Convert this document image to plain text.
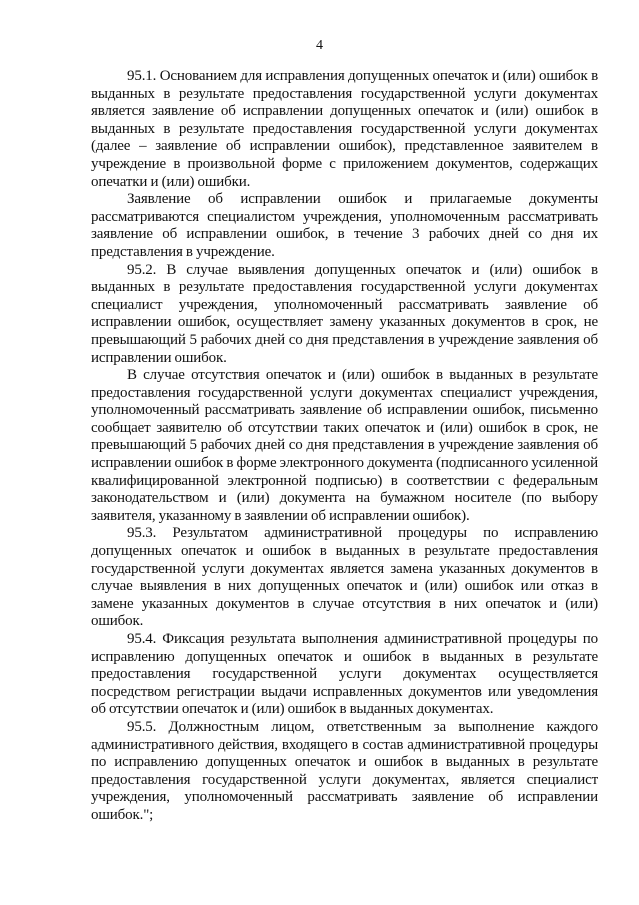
4

95.1. Основанием для исправления допущенных опечаток и (или) ошибок в выданных в результате предоставления государственной услуги документах является заявление об исправлении допущенных опечаток и (или) ошибок в выданных в результате предоставления государственной услуги документах (далее – заявление об исправлении ошибок), представленное заявителем в учреждение в произвольной форме с приложением документов, содержащих опечатки и (или) ошибки.

Заявление об исправлении ошибок и прилагаемые документы рассматриваются специалистом учреждения, уполномоченным рассматривать заявление об исправлении ошибок, в течение 3 рабочих дней со дня их представления в учреждение.

95.2. В случае выявления допущенных опечаток и (или) ошибок в выданных в результате предоставления государственной услуги документах специалист учреждения, уполномоченный рассматривать заявление об исправлении ошибок, осуществляет замену указанных документов в срок, не превышающий 5 рабочих дней со дня представления в учреждение заявления об исправлении ошибок.

В случае отсутствия опечаток и (или) ошибок в выданных в результате предоставления государственной услуги документах специалист учреждения, уполномоченный рассматривать заявление об исправлении ошибок, письменно сообщает заявителю об отсутствии таких опечаток и (или) ошибок в срок, не превышающий 5 рабочих дней со дня представления в учреждение заявления об исправлении ошибок в форме электронного документа (подписанного усиленной квалифицированной электронной подписью) в соответствии с федеральным законодательством и (или) документа на бумажном носителе (по выбору заявителя, указанному в заявлении об исправлении ошибок).

95.3. Результатом административной процедуры по исправлению допущенных опечаток и ошибок в выданных в результате предоставления государственной услуги документах является замена указанных документов в случае выявления в них допущенных опечаток и (или) ошибок или отказ в замене указанных документов в случае отсутствия в них опечаток и (или) ошибок.

95.4. Фиксация результата выполнения административной процедуры по исправлению допущенных опечаток и ошибок в выданных в результате предоставления государственной услуги документах осуществляется посредством регистрации выдачи исправленных документов или уведомления об отсутствии опечаток и (или) ошибок в выданных документах.

95.5. Должностным лицом, ответственным за выполнение каждого административного действия, входящего в состав административной процедуры по исправлению допущенных опечаток и ошибок в выданных в результате предоставления государственной услуги документах, является специалист учреждения, уполномоченный рассматривать заявление об исправлении ошибок.";
